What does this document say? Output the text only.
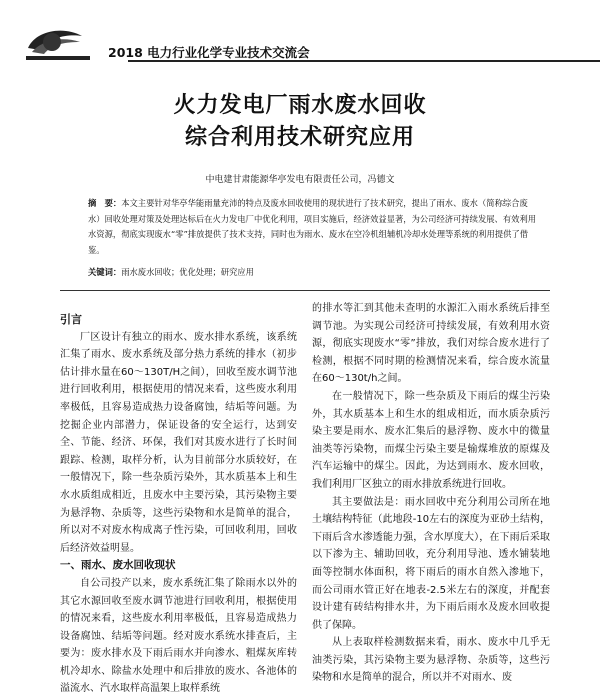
2018 电力行业化学专业技术交流会
火力发电厂雨水废水回收
综合利用技术研究应用
中电建甘肃能源华亭发电有限责任公司，冯德文
摘　要：本文主要针对华亭华能雨量充沛的特点及废水回收使用的现状进行了技术研究，提出了雨水、废水（简称综合废水）回收处理对策及处理达标后在火力发电厂中优化利用，项目实施后，经济效益显著，为公司经济可持续发展、有效利用水资源，彻底实现废水“零”排放提供了技术支持，同时也为雨水、废水在空冷机组辅机冷却水处理等系统的利用提供了借鉴。
关键词：雨水废水回收；优化处理；研究应用

引言

厂区设计有独立的雨水、废水排水系统，该系统汇集了雨水、废水系统及部分热力系统的排水（初步估计排水量在60～130T/H之间），回收至废水调节池进行回收利用，根据使用的情况来看，这些废水利用率极低，且容易造成热力设备腐蚀，结垢等问题。为挖掘企业内部潜力，保证设备的安全运行，达到安全、节能、经济、环保，我们对其废水进行了长时间跟踪、检测，取样分析，认为目前部分水质较好，在一般情况下，除一些杂质污染外，其水质基本上和生水水质组成相近，且废水中主要污染，其污染物主要为悬浮物、杂质等，这些污染物和水是简单的混合，所以对不对废水构成离子性污染，可回收利用，回收后经济效益明显。

一、雨水、废水回收现状

自公司投产以来，废水系统汇集了除雨水以外的其它水源回收至废水调节池进行回收利用，根据使用的情况来看，这些废水利用率极低，且容易造成热力设备腐蚀、结垢等问题。经对废水系统水排查后，主要为：废水排水及下雨后雨水并向渗水、粗煤灰库转机冷却水、除盐水处理中和后排放的废水、各池体的溢流水、汽水取样高温架上取样系统

的排水等汇到其他未查明的水源汇入雨水系统后排至调节池。为实现公司经济可持续发展，有效利用水资源，彻底实现废水“零”排放，我们对综合废水进行了检测，根据不同时期的检测情况来看，综合废水流量在60～130t/h之间。

在一般情况下，除一些杂质及下雨后的煤尘污染外，其水质基本上和生水的组成相近，而水质杂质污染主要是雨水、废水汇集后的悬浮物、废水中的微量油类等污染物，而煤尘污染主要是输煤堆放的原煤及汽车运输中的煤尘。因此，为达到雨水、废水回收，我们利用厂区独立的雨水排放系统进行回收。

其主要做法是：雨水回收中充分利用公司所在地土壤结构特征（此地段-10左右的深度为亚砂土结构，下雨后含水渗透能力强，含水厚度大），在下雨后采取以下渗为主、辅助回收，充分利用导池、透水铺装地面等控制水体面积，将下雨后的雨水自然入渗地下，而公司雨水管正好在地表-2.5米左右的深度，并配套设计建有砖结构排水井，为下雨后雨水及废水回收提供了保障。

从上表取样检测数据来看，雨水、废水中几乎无油类污染，其污染物主要为悬浮物、杂质等，这些污染物和水是简单的混合，所以并不对雨水、废
